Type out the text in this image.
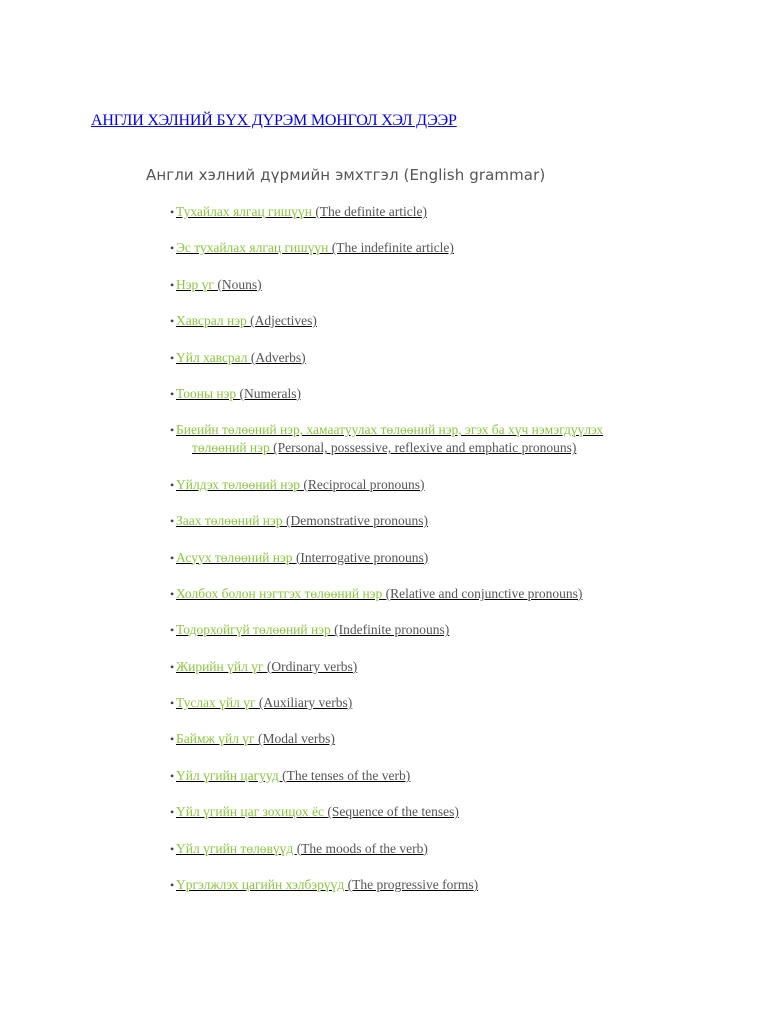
АНГЛИ ХЭЛНИЙ БҮХ ДҮРЭМ МОНГОЛ ХЭЛ ДЭЭР
Англи хэлний дүрмийн эмхтгэл (English grammar)
• Тухайлах ялгац гишүүн (The definite article)
• Эс тухайлах ялгац гишүүн (The indefinite article)
• Нэр үг (Nouns)
• Хавсрал нэр (Adjectives)
• Үйл хавсрал (Adverbs)
• Тооны нэр (Numerals)
• Биеийн төлөөний нэр, хамаатуулах төлөөний нэр, эгэх ба хүч нэмэгдүүлэх
төлөөний нэр (Personal, possessive, reflexive and emphatic pronouns)
• Үйлдэх төлөөний нэр (Reciprocal pronouns)
• Заах төлөөний нэр (Demonstrative pronouns)
• Асуух төлөөний нэр (Interrogative pronouns)
• Холбох болон нэгтгэх төлөөний нэр (Relative and conjunctive pronouns)
• Тодорхойгүй төлөөний нэр (Indefinite pronouns)
• Жирийн үйл үг (Ordinary verbs)
• Туслах үйл үг (Auxiliary verbs)
• Баймж үйл үг (Modal verbs)
• Үйл үгийн цагууд (The tenses of the verb)
• Үйл үгийн цаг зохицох ёс (Sequence of the tenses)
• Үйл үгийн төлөвүүд (The moods of the verb)
• Үргэлжлэх цагийн хэлбэрүүд (The progressive forms)
